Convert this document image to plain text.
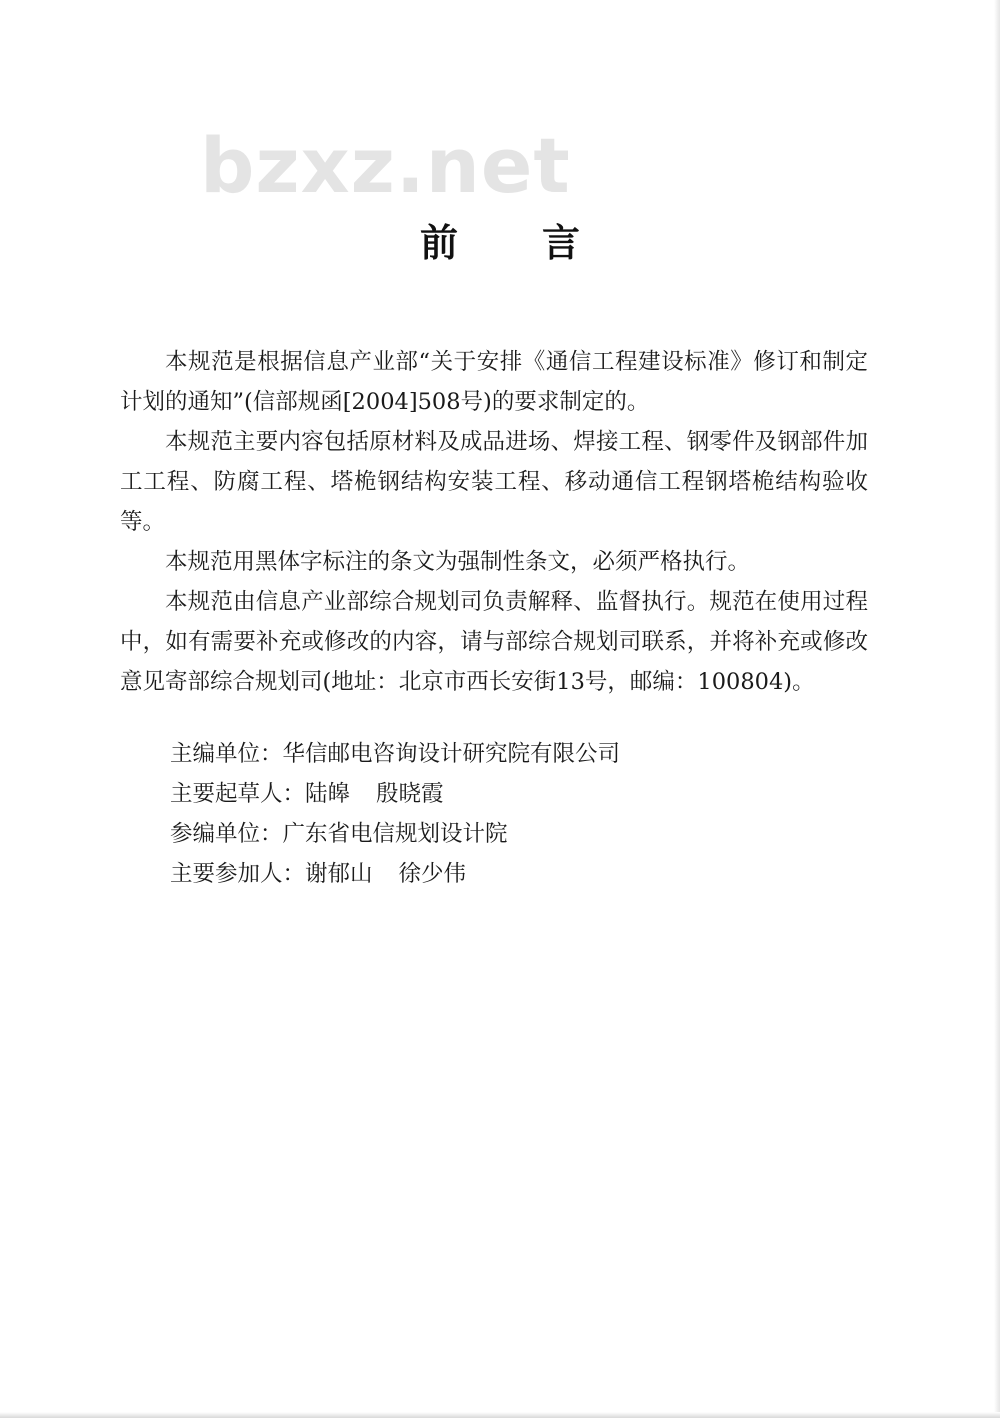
bzxz.net
前 言

本规范是根据信息产业部“关于安排《通信工程建设标准》修订和制定计划的通知”(信部规函[2004]508号)的要求制定的。

本规范主要内容包括原材料及成品进场、焊接工程、钢零件及钢部件加工工程、防腐工程、塔桅钢结构安装工程、移动通信工程钢塔桅结构验收等。

本规范用黑体字标注的条文为强制性条文，必须严格执行。

本规范由信息产业部综合规划司负责解释、监督执行。规范在使用过程中，如有需要补充或修改的内容，请与部综合规划司联系，并将补充或修改意见寄部综合规划司(地址：北京市西长安街13号，邮编：100804)。

主编单位：华信邮电咨询设计研究院有限公司
主要起草人：陆皞 殷晓霞
参编单位：广东省电信规划设计院
主要参加人：谢郁山 徐少伟
